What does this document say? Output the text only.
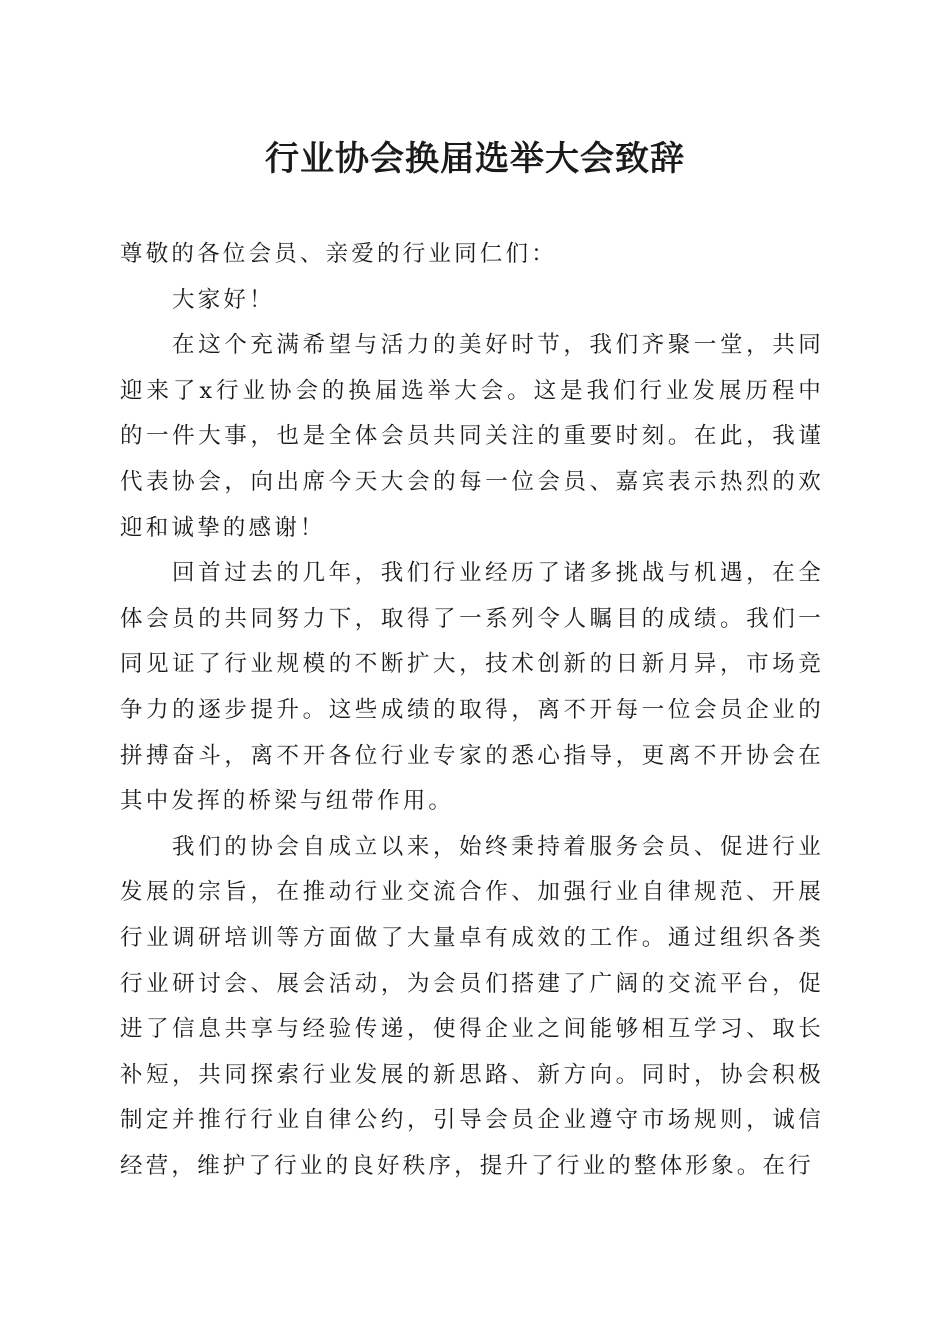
行业协会换届选举大会致辞

尊敬的各位会员、亲爱的行业同仁们：

大家好！

在这个充满希望与活力的美好时节，我们齐聚一堂，共同迎来了x行业协会的换届选举大会。这是我们行业发展历程中的一件大事，也是全体会员共同关注的重要时刻。在此，我谨代表协会，向出席今天大会的每一位会员、嘉宾表示热烈的欢迎和诚挚的感谢！

回首过去的几年，我们行业经历了诸多挑战与机遇，在全体会员的共同努力下，取得了一系列令人瞩目的成绩。我们一同见证了行业规模的不断扩大，技术创新的日新月异，市场竞争力的逐步提升。这些成绩的取得，离不开每一位会员企业的拼搏奋斗，离不开各位行业专家的悉心指导，更离不开协会在其中发挥的桥梁与纽带作用。

我们的协会自成立以来，始终秉持着服务会员、促进行业发展的宗旨，在推动行业交流合作、加强行业自律规范、开展行业调研培训等方面做了大量卓有成效的工作。通过组织各类行业研讨会、展会活动，为会员们搭建了广阔的交流平台，促进了信息共享与经验传递，使得企业之间能够相互学习、取长补短，共同探索行业发展的新思路、新方向。同时，协会积极制定并推行行业自律公约，引导会员企业遵守市场规则，诚信经营，维护了行业的良好秩序，提升了行业的整体形象。在行
